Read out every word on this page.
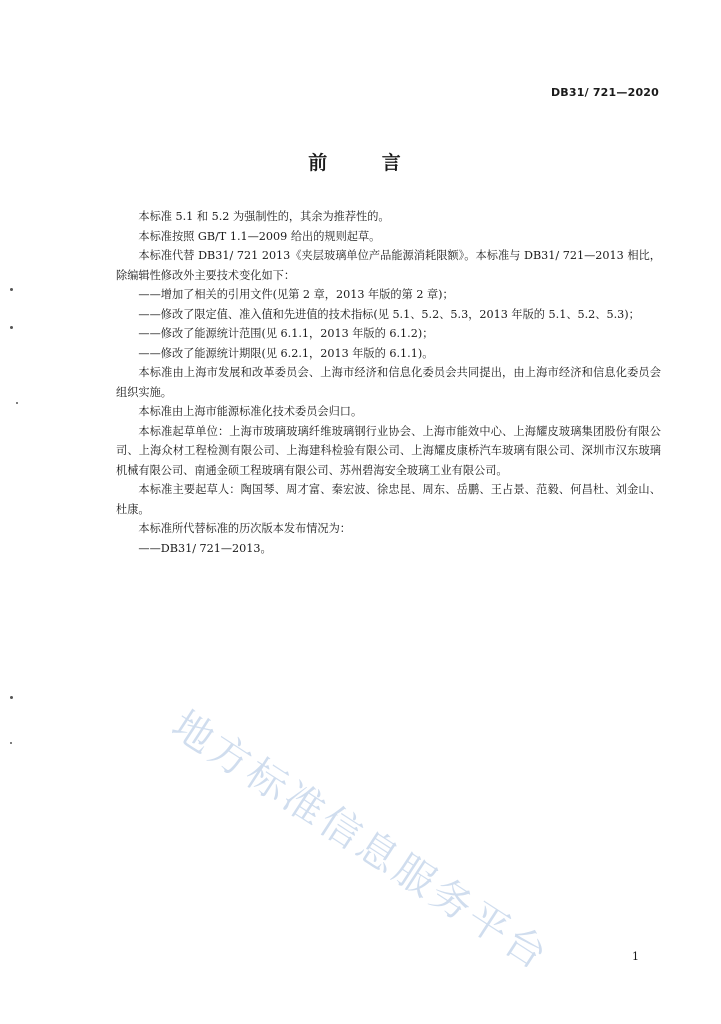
DB31/ 721—2020
前 言

本标准 5.1 和 5.2 为强制性的，其余为推荐性的。

本标准按照 GB/T 1.1—2009 给出的规则起草。

本标准代替 DB31/ 721 2013《夹层玻璃单位产品能源消耗限额》。本标准与 DB31/ 721—2013 相比，除编辑性修改外主要技术变化如下：

——增加了相关的引用文件(见第 2 章，2013 年版的第 2 章)；

——修改了限定值、准入值和先进值的技术指标(见 5.1、5.2、5.3，2013 年版的 5.1、5.2、5.3)；

——修改了能源统计范围(见 6.1.1，2013 年版的 6.1.2)；

——修改了能源统计期限(见 6.2.1，2013 年版的 6.1.1)。

本标准由上海市发展和改革委员会、上海市经济和信息化委员会共同提出，由上海市经济和信息化委员会组织实施。

本标准由上海市能源标准化技术委员会归口。

本标准起草单位：上海市玻璃玻璃纤维玻璃钢行业协会、上海市能效中心、上海耀皮玻璃集团股份有限公司、上海众材工程检测有限公司、上海建科检验有限公司、上海耀皮康桥汽车玻璃有限公司、深圳市汉东玻璃机械有限公司、南通金硕工程玻璃有限公司、苏州碧海安全玻璃工业有限公司。

本标准主要起草人：陶国琴、周才富、秦宏波、徐忠昆、周东、岳鹏、王占景、范毅、何昌杜、刘金山、杜康。

本标准所代替标准的历次版本发布情况为：

——DB31/ 721—2013。

地方标准信息服务平台	1
